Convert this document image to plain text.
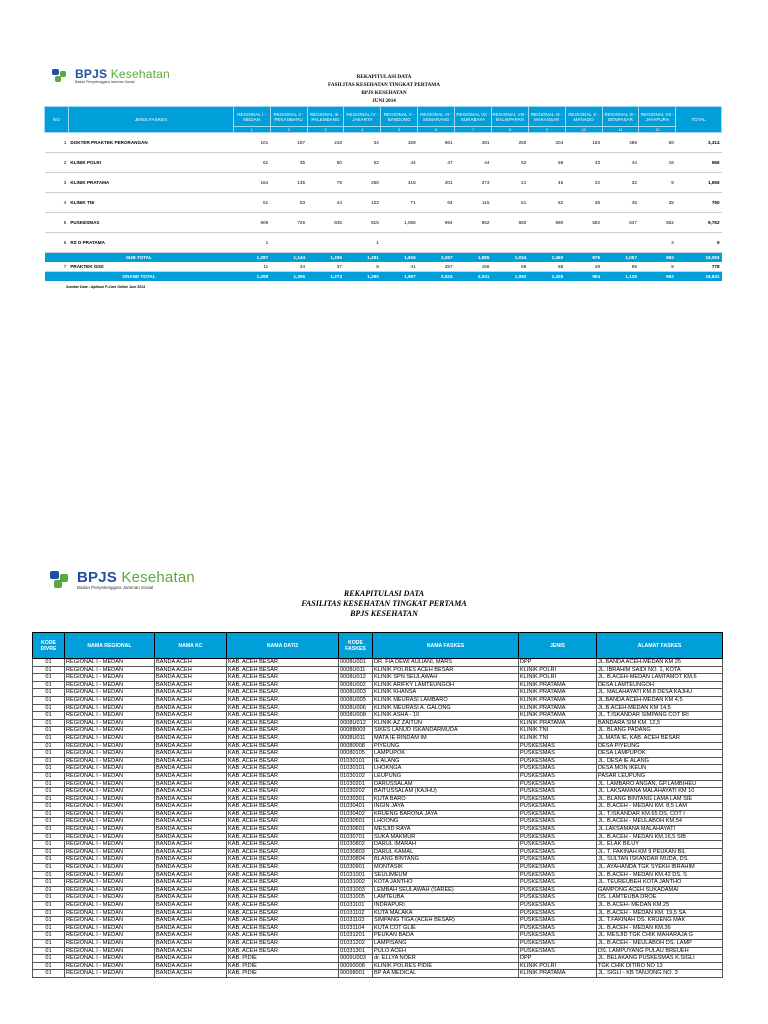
BPJS Kesehatan
Badan Penyelenggara Jaminan Sosial
REKAPITULASI DATA
FASILITAS KESEHATAN TINGKAT PERTAMA
BPJS KESEHATAN
JUNI 2014
NO	JENIS FASKES	REGIONAL I - MEDAN	REGIONAL II - PEKANBARU	REGIONAL III - PALEMBANG	REGIONAL IV - JAKARTA	REGIONAL V - BANDUNG	REGIONAL VI - SEMARANG	REGIONAL VII - SURABAYA	REGIONAL VIII - BALIKPAPAN	REGIONAL IX - MAKASSAR	REGIONAL X - MANADO	REGIONAL XI - DENPASAR	REGIONAL XII - JAYAPURA	TOTAL
		1	2	3	4	5	6	7	8	9	10	11	12	
1	DOKTER PRAKTEK PERORANGAN	101	187	218	34	328	861	491	250	204	183	289	58	3,314
2	KLINIK POLRI	61	35	50	52	44	47	44	52	58	43	44	16	566
3	KLINIK PRATAMA	164	135	79	256	418	201	273	21	46	22	32	9	1,656
4	KLINIK TNI	51	53	44	123	71	64	115	61	62	36	45	35	760
5	PUSKESMAS	909	729	845	815	1,055	994	962	650	990	592	647	562	9,752
6	RS D PRATAMA	1			1								3	5
SUB TOTAL		1,287	1,144	1,236	1,281	1,916	2,267	1,885	1,034	1,360	876	1,057	683	16,053
7	PRAKTEK GIGI	11	34	37	9	41	257	156	58	68	28	69	9	778
GRAND TOTAL		1,298	1,365	1,273	1,290	1,957	2,524	2,041	1,092	1,428	904	1,126	692	16,831
Sumber Data : Aplikasi P-Care Online Juni 2014
BPJS Kesehatan
Badan Penyelenggara Jaminan Sosial
REKAPITULASI DATA
FASILITAS KESEHATAN TINGKAT PERTAMA
BPJS KESEHATAN
KODE DIVRE	NAMA REGIONAL	NAMA KC	NAMA DATI2	KODE FASKES	NAMA FASKES	JENIS	ALAMAT FASKES
01	REGIONAL I - MEDAN	BANDA ACEH	KAB. ACEH BESAR	0008U001	DR. FIA DEWI AULIANI, MARS	DPP	JL.BANDA ACEH-MEDAN KM 25
01	REGIONAL I - MEDAN	BANDA ACEH	KAB. ACEH BESAR	0008U011	KLINIK POLRES ACEH BESAR	KLINIK POLRI	JL. IBRAHIM SAIDI NO. 1, KOTA
01	REGIONAL I - MEDAN	BANDA ACEH	KAB. ACEH BESAR	0008U012	KLINIK SPN SEULAWAH	KLINIK POLRI	JL. B.ACEH-MEDAN LAMTAMOT KM.6
01	REGIONAL I - MEDAN	BANDA ACEH	KAB. ACEH BESAR	0008U002	KLINIK ARIFKY LAMTEUNGOH	KLINIK PRATAMA	DESA LAMTEUNGOH
01	REGIONAL I - MEDAN	BANDA ACEH	KAB. ACEH BESAR	0008U003	KLINIK KHANSA	KLINIK PRATAMA	JL. MALAHAYATI KM.8 DESA KAJHU
01	REGIONAL I - MEDAN	BANDA ACEH	KAB. ACEH BESAR	0008U005	KLINIK MEURASI LAMBARO	KLINIK PRATAMA	JL.BANDA ACEH-MEDAN KM 4,5
01	REGIONAL I - MEDAN	BANDA ACEH	KAB. ACEH BESAR	0008U006	KLINIK MEURASI A. GALONG	KLINIK PRATAMA	JL.B.ACEH-MEDAN KM 14,5
01	REGIONAL I - MEDAN	BANDA ACEH	KAB. ACEH BESAR	0008U008	KLINIK ASHA - 10	KLINIK PRATAMA	JL. T.ISKANDAR SIMPANG COT IRI
01	REGIONAL I - MEDAN	BANDA ACEH	KAB. ACEH BESAR	0008U012	KLINIK AZ ZAITUN	KLINIK PRATAMA	BANDARA SIM KM. 12,5
01	REGIONAL I - MEDAN	BANDA ACEH	KAB. ACEH BESAR	0008B009	SIKES LANUD ISKANDARMUDA	KLINIK TNI	JL. BLANG PADANG
01	REGIONAL I - MEDAN	BANDA ACEH	KAB. ACEH BESAR	0008U011	MATA IE RINDAM IM	KLINIK TNI	JL.MATA IE, KAB. ACEH BESAR
01	REGIONAL I - MEDAN	BANDA ACEH	KAB. ACEH BESAR	00080008	PIYEUNG	PUSKESMAS	DESA PIYEUNG
01	REGIONAL I - MEDAN	BANDA ACEH	KAB. ACEH BESAR	00080105	LAMPUPOK	PUSKESMAS	DESA LAMPUPOK
01	REGIONAL I - MEDAN	BANDA ACEH	KAB. ACEH BESAR	01030101	IE ALANG	PUSKESMAS	JL. DESA IE ALANG
01	REGIONAL I - MEDAN	BANDA ACEH	KAB. ACEH BESAR	01030101	LHOKNGA	PUSKESMAS	DESA MON IKEUN
01	REGIONAL I - MEDAN	BANDA ACEH	KAB. ACEH BESAR	01030102	LEUPUNG	PUSKESMAS	PASAR LEUPUNG
01	REGIONAL I - MEDAN	BANDA ACEH	KAB. ACEH BESAR	01030201	DARUSSALAM	PUSKESMAS	JL. LAMBARO ANGAN, GP.LAMBIHEU
01	REGIONAL I - MEDAN	BANDA ACEH	KAB. ACEH BESAR	01030202	BAITUSSALAM (KAJHU)	PUSKESMAS	JL. LAKSAMANA MALAHAYATI KM 10
01	REGIONAL I - MEDAN	BANDA ACEH	KAB. ACEH BESAR	01030301	KUTA BARO	PUSKESMAS	JL. BLANG BINTANG LAMA LAM SIE
01	REGIONAL I - MEDAN	BANDA ACEH	KAB. ACEH BESAR	01030401	INGIN JAYA	PUSKESMAS	JL. B.ACEH - MEDAN KM. 8,5 LAM
01	REGIONAL I - MEDAN	BANDA ACEH	KAB. ACEH BESAR	01030402	KRUENG BARONA JAYA	PUSKESMAS	JL. T.ISKANDAR KM.65 DS. COT I
01	REGIONAL I - MEDAN	BANDA ACEH	KAB. ACEH BESAR	01030501	LHOONG	PUSKESMAS	JL. B.ACEH - MEULABOH KM.54
01	REGIONAL I - MEDAN	BANDA ACEH	KAB. ACEH BESAR	01030601	MESJID RAYA	PUSKESMAS	JL.LAKSAMANA MALAHAYATI
01	REGIONAL I - MEDAN	BANDA ACEH	KAB. ACEH BESAR	01030701	SUKA MAKMUR	PUSKESMAS	JL. B.ACEH - MEDAN KM.16,5 SIB
01	REGIONAL I - MEDAN	BANDA ACEH	KAB. ACEH BESAR	01030802	DARUL IMARAH	PUSKESMAS	JL. ELAK BILUY
01	REGIONAL I - MEDAN	BANDA ACEH	KAB. ACEH BESAR	01030803	DARUL KAMAL	PUSKESMAS	JL. T. FAKINAH KM 9 PEUKAN BIL
01	REGIONAL I - MEDAN	BANDA ACEH	KAB. ACEH BESAR	01030804	BLANG BINTANG	PUSKESMAS	JL. SULTAN ISKANDAR MUDA, DS.
01	REGIONAL I - MEDAN	BANDA ACEH	KAB. ACEH BESAR	01030901	MONTASIK	PUSKESMAS	JL. AYAHANDA TGK SYEKH IBRAHIM
01	REGIONAL I - MEDAN	BANDA ACEH	KAB. ACEH BESAR	01031001	SEULIMEUM	PUSKESMAS	JL. B.ACEH - MEDAN KM.42 DS. S
01	REGIONAL I - MEDAN	BANDA ACEH	KAB. ACEH BESAR	01031002	KOTA JANTHO	PUSKESMAS	JL. TEUREUBEH KOTA JANTHO
01	REGIONAL I - MEDAN	BANDA ACEH	KAB. ACEH BESAR	01031003	LEMBAH SEULAWAH (SAREE)	PUSKESMAS	GAMPONG ACEH SUKADAMAI
01	REGIONAL I - MEDAN	BANDA ACEH	KAB. ACEH BESAR	01031005	LAMTEUBA	PUSKESMAS	DS. LAMTEUBA DROE
01	REGIONAL I - MEDAN	BANDA ACEH	KAB. ACEH BESAR	01031101	INDRAPURI	PUSKESMAS	JL. B.ACEH- MEDAN KM.25
01	REGIONAL I - MEDAN	BANDA ACEH	KAB. ACEH BESAR	01031102	KUTA MALAKA	PUSKESMAS	JL. B.ACEH - MEDAN KM. 19,5 SA
01	REGIONAL I - MEDAN	BANDA ACEH	KAB. ACEH BESAR	01031103	SIMPANG TIGA (ACEH BESAR)	PUSKESMAS	JL. T.FAKINAH DS. KRUENG MAK
01	REGIONAL I - MEDAN	BANDA ACEH	KAB. ACEH BESAR	01031104	KUTA COT GLIE	PUSKESMAS	JL. B.ACEH - MEDAN KM.36
01	REGIONAL I - MEDAN	BANDA ACEH	KAB. ACEH BESAR	01031201	PEUKAN BADA	PUSKESMAS	JL. MESJID TGK CHIK MAHARAJA G
01	REGIONAL I - MEDAN	BANDA ACEH	KAB. ACEH BESAR	01031202	LAMPISANG	PUSKESMAS	JL. B.ACEH - MEULABOH DS. LAMP
01	REGIONAL I - MEDAN	BANDA ACEH	KAB. ACEH BESAR	01031301	PULO ACEH	PUSKESMAS	DS. LAMPUYANG PULAU BREUEH
01	REGIONAL I - MEDAN	BANDA ACEH	KAB. PIDIE	0009U003	dr. ELLYA NOER	DPP	JL. BELAKANG PUSKESMAS K.SIGLI
01	REGIONAL I - MEDAN	BANDA ACEH	KAB. PIDIE	00090008	KLINIK POLRES PIDIE	KLINIK POLRI	TGK CHIK DITIRO NO 13
01	REGIONAL I - MEDAN	BANDA ACEH	KAB. PIDIE	00098001	BP AA MEDICAL	KLINIK PRATAMA	JL. SIGLI - KB TANJONG NO. 3
